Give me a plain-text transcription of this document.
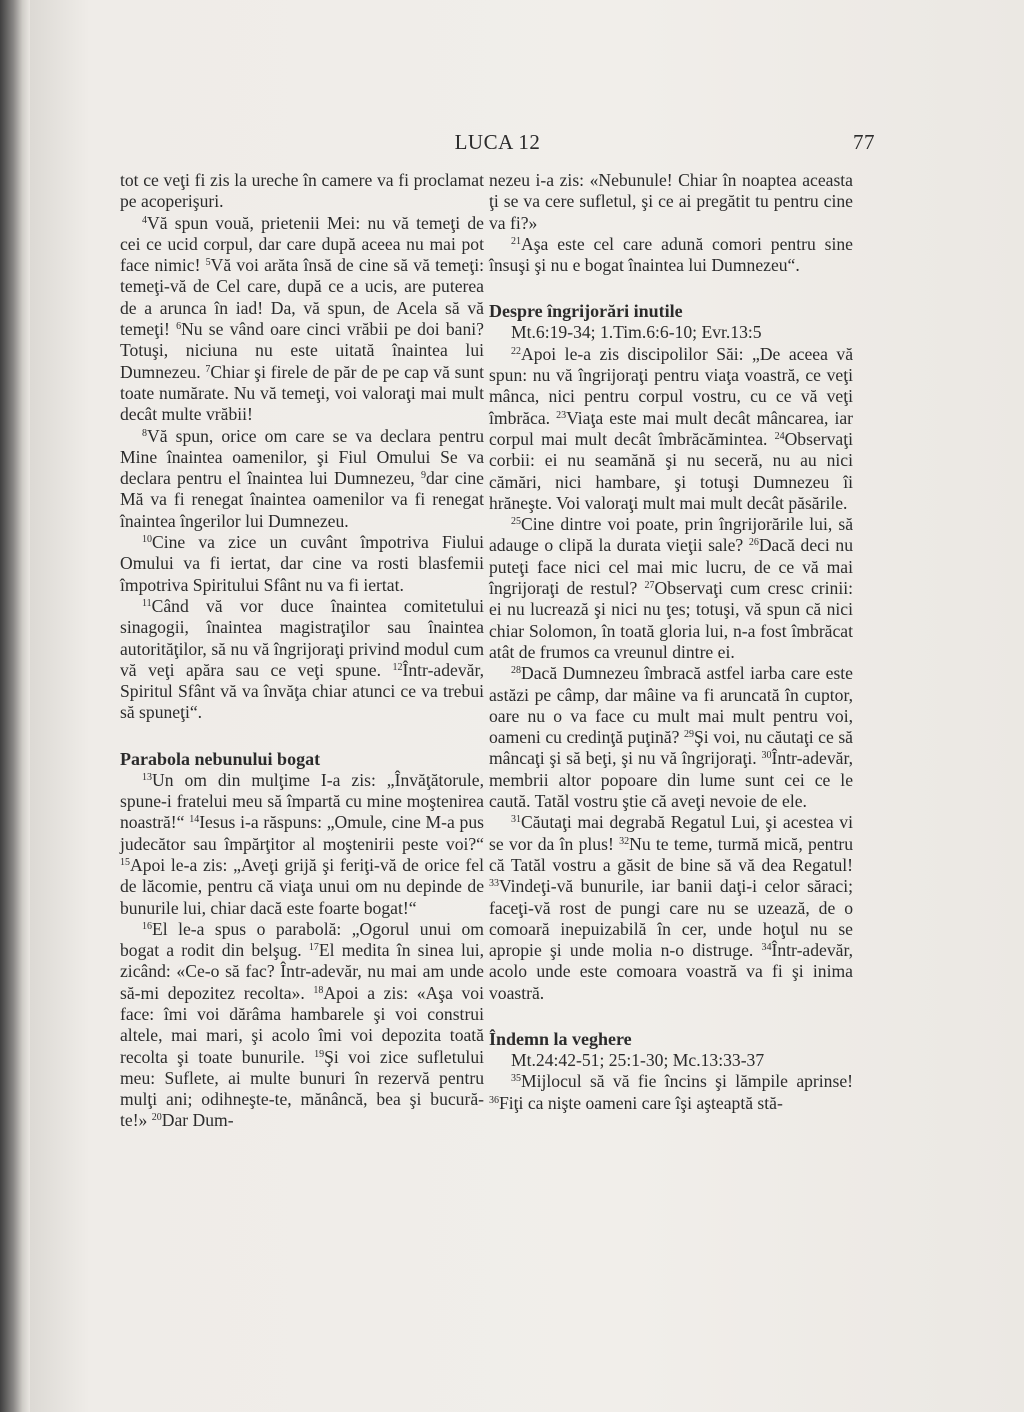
LUCA 12	77

tot ce veţi fi zis la ureche în camere va fi proclamat pe acoperişuri.

$^4$Vă spun vouă, prietenii Mei: nu vă temeţi de cei ce ucid corpul, dar care după aceea nu mai pot face nimic! $^5$Vă voi arăta însă de cine să vă temeţi: temeţi-vă de Cel care, după ce a ucis, are puterea de a arunca în iad! Da, vă spun, de Acela să vă temeţi! $^6$Nu se vând oare cinci vrăbii pe doi bani? Totuşi, niciuna nu este uitată înaintea lui Dumnezeu. $^7$Chiar şi firele de păr de pe cap vă sunt toate numărate. Nu vă temeţi, voi valoraţi mai mult decât multe vrăbii!

$^8$Vă spun, orice om care se va declara pentru Mine înaintea oamenilor, şi Fiul Omului Se va declara pentru el înaintea lui Dumnezeu, $^9$dar cine Mă va fi renegat înaintea oamenilor va fi renegat înaintea îngerilor lui Dumnezeu.

$^{10}$Cine va zice un cuvânt împotriva Fiului Omului va fi iertat, dar cine va rosti blasfemii împotriva Spiritului Sfânt nu va fi iertat.

$^{11}$Când vă vor duce înaintea comitetului sinagogii, înaintea magistraţilor sau înaintea autorităţilor, să nu vă îngrijoraţi privind modul cum vă veţi apăra sau ce veţi spune. $^{12}$Într-adevăr, Spiritul Sfânt vă va învăţa chiar atunci ce va trebui să spuneţi“.

Parabola nebunului bogat

$^{13}$Un om din mulţime I-a zis: „Învăţătorule, spune-i fratelui meu să împartă cu mine moştenirea noastră!“ $^{14}$Iesus i-a răspuns: „Omule, cine M-a pus judecător sau împărţitor al moştenirii peste voi?“ $^{15}$Apoi le-a zis: „Aveţi grijă şi feriţi-vă de orice fel de lăcomie, pentru că viaţa unui om nu depinde de bunurile lui, chiar dacă este foarte bogat!“

$^{16}$El le-a spus o parabolă: „Ogorul unui om bogat a rodit din belşug. $^{17}$El medita în sinea lui, zicând: «Ce-o să fac? Într-adevăr, nu mai am unde să-mi depozitez recolta». $^{18}$Apoi a zis: «Aşa voi face: îmi voi dărâma hambarele şi voi construi altele, mai mari, şi acolo îmi voi depozita toată recolta şi toate bunurile. $^{19}$Şi voi zice sufletului meu: Suflete, ai multe bunuri în rezervă pentru mulţi ani; odihneşte-te, mănâncă, bea şi bucură-te!» $^{20}$Dar Dum-

nezeu i-a zis: «Nebunule! Chiar în noaptea aceasta ţi se va cere sufletul, şi ce ai pregătit tu pentru cine va fi?»

$^{21}$Aşa este cel care adună comori pentru sine însuşi şi nu e bogat înaintea lui Dumnezeu“.

Despre îngrijorări inutile

Mt.6:19-34; 1.Tim.6:6-10; Evr.13:5

$^{22}$Apoi le-a zis discipolilor Săi: „De aceea vă spun: nu vă îngrijoraţi pentru viaţa voastră, ce veţi mânca, nici pentru corpul vostru, cu ce vă veţi îmbrăca. $^{23}$Viaţa este mai mult decât mâncarea, iar corpul mai mult decât îmbrăcămintea. $^{24}$Observaţi corbii: ei nu seamănă şi nu seceră, nu au nici cămări, nici hambare, şi totuşi Dumnezeu îi hrăneşte. Voi valoraţi mult mai mult decât păsările.

$^{25}$Cine dintre voi poate, prin îngrijorările lui, să adauge o clipă la durata vieţii sale? $^{26}$Dacă deci nu puteţi face nici cel mai mic lucru, de ce vă mai îngrijoraţi de restul? $^{27}$Observaţi cum cresc crinii: ei nu lucrează şi nici nu ţes; totuşi, vă spun că nici chiar Solomon, în toată gloria lui, n-a fost îmbrăcat atât de frumos ca vreunul dintre ei.

$^{28}$Dacă Dumnezeu îmbracă astfel iarba care este astăzi pe câmp, dar mâine va fi aruncată în cuptor, oare nu o va face cu mult mai mult pentru voi, oameni cu credinţă puţină? $^{29}$Şi voi, nu căutaţi ce să mâncaţi şi să beţi, şi nu vă îngrijoraţi. $^{30}$Într-adevăr, membrii altor popoare din lume sunt cei ce le caută. Tatăl vostru ştie că aveţi nevoie de ele.

$^{31}$Căutaţi mai degrabă Regatul Lui, şi acestea vi se vor da în plus! $^{32}$Nu te teme, turmă mică, pentru că Tatăl vostru a găsit de bine să vă dea Regatul! $^{33}$Vindeţi-vă bunurile, iar banii daţi-i celor săraci; faceţi-vă rost de pungi care nu se uzează, de o comoară inepuizabilă în cer, unde hoţul nu se apropie şi unde molia n-o distruge. $^{34}$Într-adevăr, acolo unde este comoara voastră va fi şi inima voastră.

Îndemn la veghere

Mt.24:42-51; 25:1-30; Mc.13:33-37

$^{35}$Mijlocul să vă fie încins şi lămpile aprinse! $^{36}$Fiţi ca nişte oameni care îşi aşteaptă stă-
